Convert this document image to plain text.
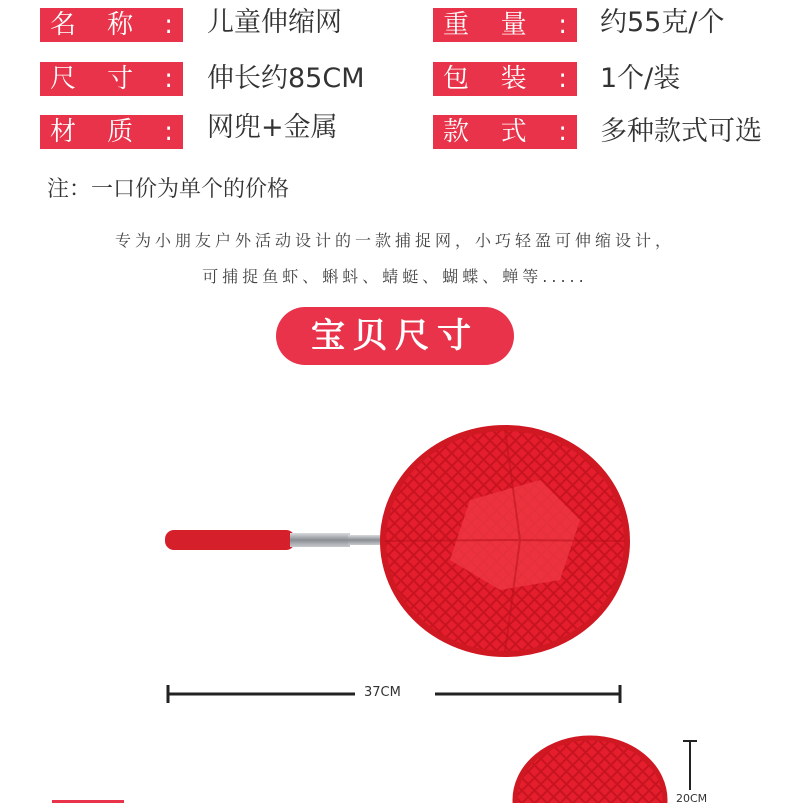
名 称 : 儿童伸缩网	重 量 : 约55克/个
尺 寸 : 伸长约85CM	包 装 : 1个/装
材 质 : 网兜+金属	款 式 : 多种款式可选
注：一口价为单个的价格
专为小朋友户外活动设计的一款捕捉网，小巧轻盈可伸缩设计，
可捕捉鱼虾、蝌蚪、蜻蜓、蝴蝶、蝉等.....
宝贝尺寸
37CM
20CM
